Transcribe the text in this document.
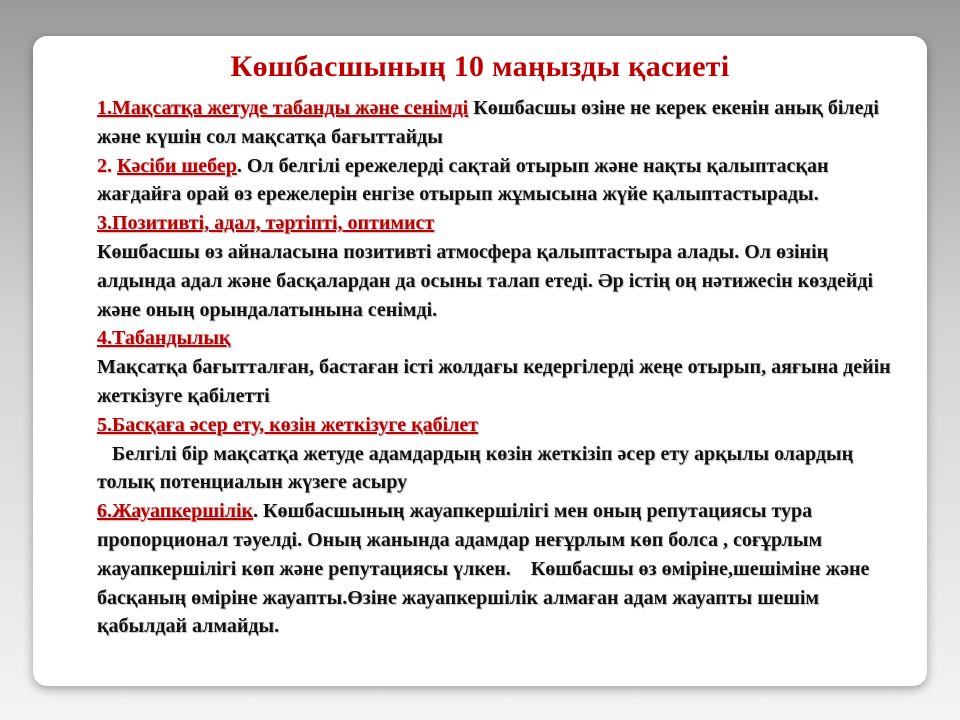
Көшбасшының 10 маңызды қасиеті

1.Мақсатқа жетуде табанды және сенімді Көшбасшы өзіне не керек екенін анық біледі және күшін сол мақсатқа бағыттайды

2. Кәсіби шебер. Ол белгілі ережелерді сақтай отырып және нақты қалыптасқан жағдайға орай өз ережелерін енгізе отырып жұмысына жүйе қалыптастырады.

3.Позитивті, адал, тәртіпті, оптимист

Көшбасшы өз айналасына позитивті атмосфера қалыптастыра алады. Ол өзінің алдында адал және басқалардан да осыны талап етеді. Әр істің оң нәтижесін көздейді және оның орындалатынына сенімді.

4.Табандылық

Мақсатқа бағытталған, бастаған істі жолдағы кедергілерді жеңе отырып, аяғына дейін жеткізуге қабілетті

5.Басқаға әсер ету, көзін жеткізуге қабілет

Белгілі бір мақсатқа жетуде адамдардың көзін жеткізіп әсер ету арқылы олардың толық потенциалын жүзеге асыру

6.Жауапкершілік. Көшбасшының жауапкершілігі мен оның репутациясы тура пропорционал тәуелді. Оның жанында адамдар неғұрлым көп болса , соғұрлым жауапкершілігі көп және репутациясы үлкен.    Көшбасшы өз өміріне,шешіміне және басқаның өміріне жауапты.Өзіне жауапкершілік алмаған адам жауапты шешім қабылдай алмайды.
